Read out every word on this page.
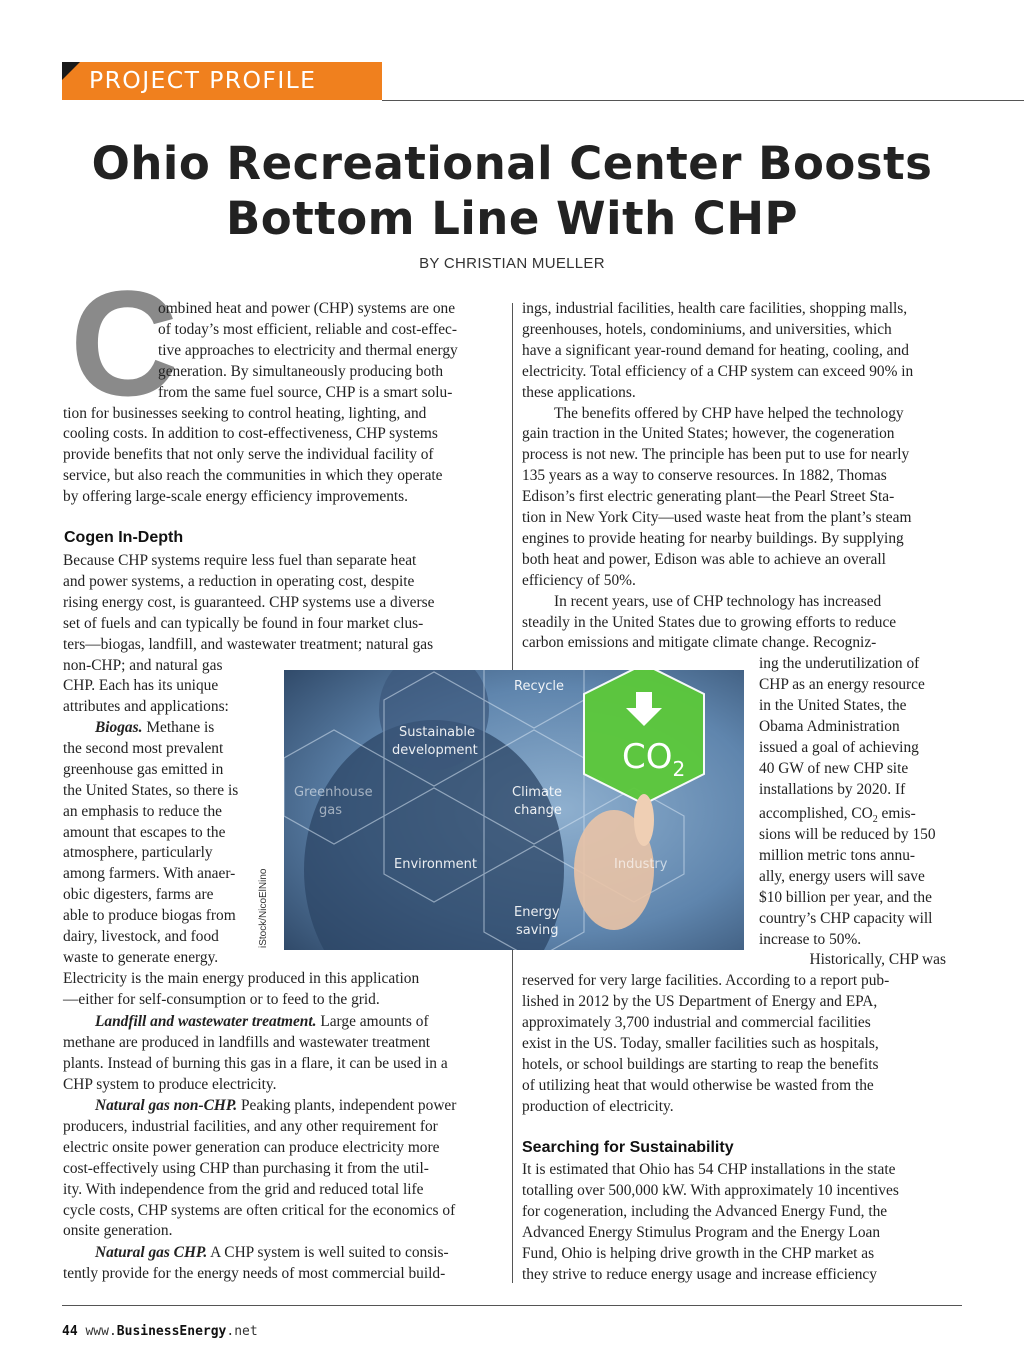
PROJECT PROFILE
Ohio Recreational Center Boosts
Bottom Line With CHP
BY CHRISTIAN MUELLER
C
ombined heat and power (CHP) systems are one
of today’s most efficient, reliable and cost-effec-
tive approaches to electricity and thermal energy
generation. By simultaneously producing both
from the same fuel source, CHP is a smart solu-
tion for businesses seeking to control heating, lighting, and
cooling costs. In addition to cost-effectiveness, CHP systems
provide benefits that not only serve the individual facility of
service, but also reach the communities in which they operate
by offering large-scale energy efficiency improvements.
Cogen In-Depth
Because CHP systems require less fuel than separate heat
and power systems, a reduction in operating cost, despite
rising energy cost, is guaranteed. CHP systems use a diverse
set of fuels and can typically be found in four market clus-
ters—biogas, landfill, and wastewater treatment; natural gas
non-CHP; and natural gas
CHP. Each has its unique
attributes and applications:
Biogas. Methane is
the second most prevalent
greenhouse gas emitted in
the United States, so there is
an emphasis to reduce the
amount that escapes to the
atmosphere, particularly
among farmers. With anaer-
obic digesters, farms are
able to produce biogas from
dairy, livestock, and food
waste to generate energy.
Electricity is the main energy produced in this application
—either for self-consumption or to feed to the grid.
Landfill and wastewater treatment. Large amounts of
methane are produced in landfills and wastewater treatment
plants. Instead of burning this gas in a flare, it can be used in a
CHP system to produce electricity.
Natural gas non-CHP. Peaking plants, independent power
producers, industrial facilities, and any other requirement for
electric onsite power generation can produce electricity more
cost-effectively using CHP than purchasing it from the util-
ity. With independence from the grid and reduced total life
cycle costs, CHP systems are often critical for the economics of
onsite generation.
Natural gas CHP. A CHP system is well suited to consis-
tently provide for the energy needs of most commercial build-
ings, industrial facilities, health care facilities, shopping malls,
greenhouses, hotels, condominiums, and universities, which
have a significant year-round demand for heating, cooling, and
electricity. Total efficiency of a CHP system can exceed 90% in
these applications.
The benefits offered by CHP have helped the technology
gain traction in the United States; however, the cogeneration
process is not new. The principle has been put to use for nearly
135 years as a way to conserve resources. In 1882, Thomas
Edison’s first electric generating plant—the Pearl Street Sta-
tion in New York City—used waste heat from the plant’s steam
engines to provide heating for nearby buildings. By supplying
both heat and power, Edison was able to achieve an overall
efficiency of 50%.
In recent years, use of CHP technology has increased
steadily in the United States due to growing efforts to reduce
carbon emissions and mitigate climate change. Recogniz-
ing the underutilization of
CHP as an energy resource
in the United States, the
Obama Administration
issued a goal of achieving
40 GW of new CHP site
installations by 2020. If
accomplished, $CO_2$ emis-
sions will be reduced by 150
million metric tons annu-
ally, energy users will save
$10 billion per year, and the
country’s CHP capacity will
increase to 50%.
Historically, CHP was
reserved for very large facilities. According to a report pub-
lished in 2012 by the US Department of Energy and EPA,
approximately 3,700 industrial and commercial facilities
exist in the US. Today, smaller facilities such as hospitals,
hotels, or school buildings are starting to reap the benefits
of utilizing heat that would otherwise be wasted from the
production of electricity.
Searching for Sustainability
It is estimated that Ohio has 54 CHP installations in the state
totalling over 500,000 kW. With approximately 10 incentives
for cogeneration, including the Advanced Energy Fund, the
Advanced Energy Stimulus Program and the Energy Loan
Fund, Ohio is helping drive growth in the CHP market as
they strive to reduce energy usage and increase efficiency
$CO_2$
Recycle
Sustainable
development
Greenhouse
gas
Climate
change
Environment	Industry
Energy
saving
iStock/NicoElNino
44 www.BusinessEnergy.net
